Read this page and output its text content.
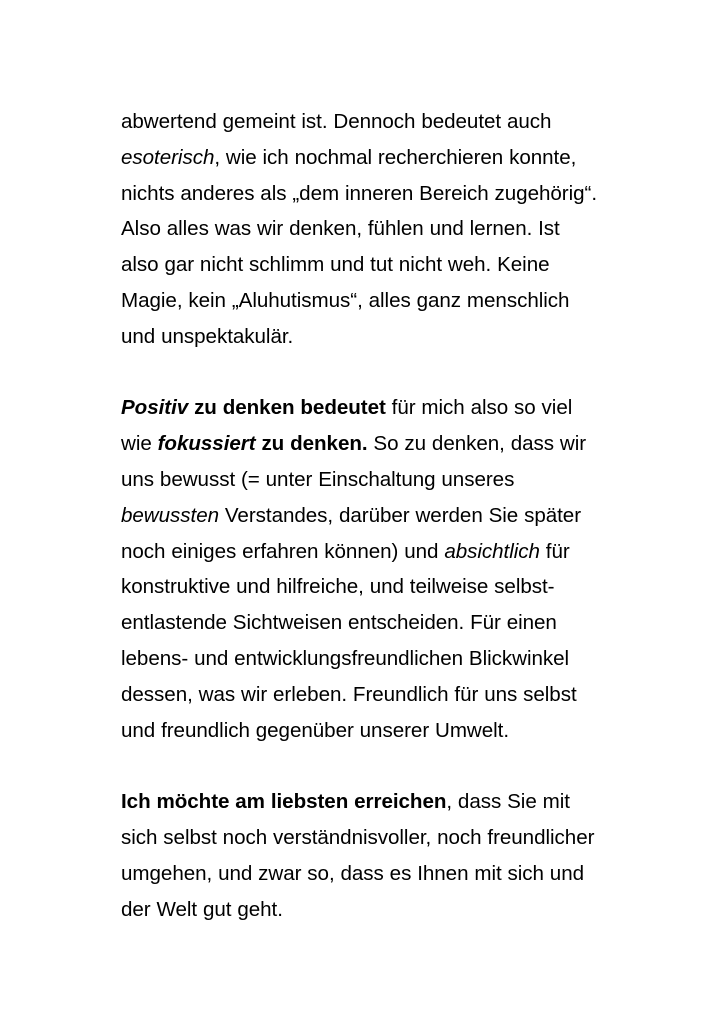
abwertend gemeint ist. Dennoch bedeutet auch
esoterisch, wie ich nochmal recherchieren konnte,
nichts anderes als „dem inneren Bereich zugehörig“.
Also alles was wir denken, fühlen und lernen. Ist
also gar nicht schlimm und tut nicht weh. Keine
Magie, kein „Aluhutismus“, alles ganz menschlich
und unspektakulär.

Positiv zu denken bedeutet für mich also so viel
wie fokussiert zu denken. So zu denken, dass wir
uns bewusst (= unter Einschaltung unseres
bewussten Verstandes, darüber werden Sie später
noch einiges erfahren können) und absichtlich für
konstruktive und hilfreiche, und teilweise selbst-
entlastende Sichtweisen entscheiden. Für einen
lebens- und entwicklungsfreundlichen Blickwinkel
dessen, was wir erleben. Freundlich für uns selbst
und freundlich gegenüber unserer Umwelt.

Ich möchte am liebsten erreichen, dass Sie mit
sich selbst noch verständnisvoller, noch freundlicher
umgehen, und zwar so, dass es Ihnen mit sich und
der Welt gut geht.
